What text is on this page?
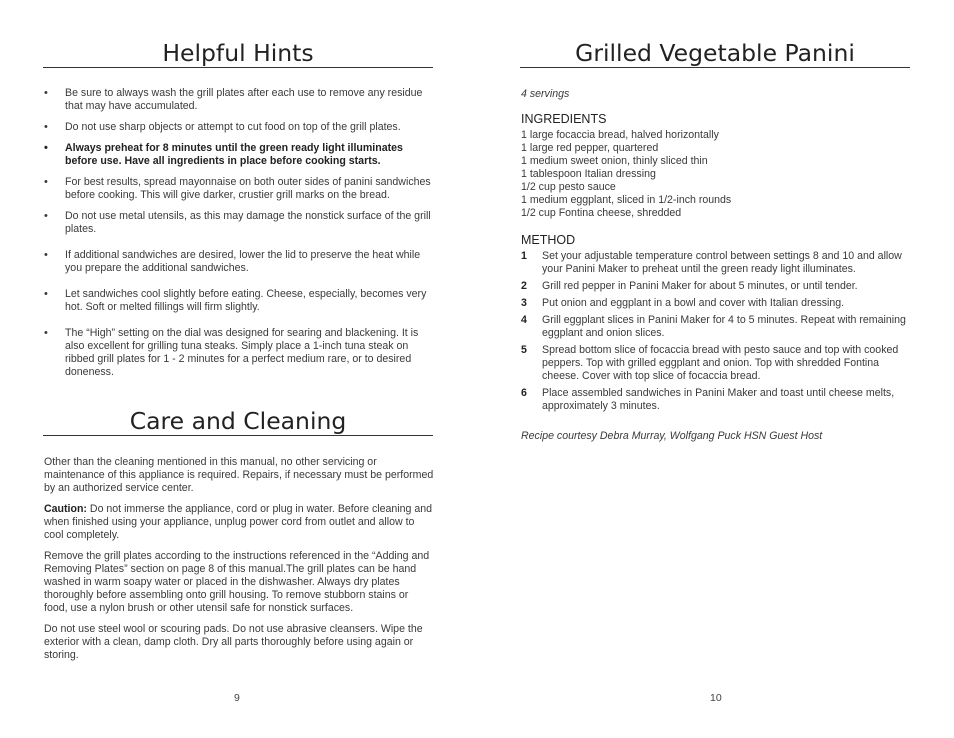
Helpful Hints
• Be sure to always wash the grill plates after each use to remove any residue that may have accumulated.
• Do not use sharp objects or attempt to cut food on top of the grill plates.
• Always preheat for 8 minutes until the green ready light illuminates before use. Have all ingredients in place before cooking starts.
• For best results, spread mayonnaise on both outer sides of panini sandwiches before cooking. This will give darker, crustier grill marks on the bread.
• Do not use metal utensils, as this may damage the nonstick surface of the grill plates.
• If additional sandwiches are desired, lower the lid to preserve the heat while you prepare the additional sandwiches.
• Let sandwiches cool slightly before eating. Cheese, especially, becomes very hot. Soft or melted fillings will firm slightly.
• The “High” setting on the dial was designed for searing and blackening. It is also excellent for grilling tuna steaks. Simply place a 1-inch tuna steak on ribbed grill plates for 1 - 2 minutes for a perfect medium rare, or to desired doneness.
Care and Cleaning

Other than the cleaning mentioned in this manual, no other servicing or maintenance of this appliance is required. Repairs, if necessary must be performed by an authorized service center.

Caution: Do not immerse the appliance, cord or plug in water. Before cleaning and when finished using your appliance, unplug power cord from outlet and allow to cool completely.

Remove the grill plates according to the instructions referenced in the “Adding and Removing Plates” section on page 8 of this manual.The grill plates can be hand washed in warm soapy water or placed in the dishwasher. Always dry plates thoroughly before assembling onto grill housing. To remove stubborn stains or food, use a nylon brush or other utensil safe for nonstick surfaces.

Do not use steel wool or scouring pads. Do not use abrasive cleansers. Wipe the exterior with a clean, damp cloth. Dry all parts thoroughly before using again or storing.

9
Grilled Vegetable Panini

4 servings

INGREDIENTS

1 large focaccia bread, halved horizontally
1 large red pepper, quartered
1 medium sweet onion, thinly sliced thin
1 tablespoon Italian dressing
1/2 cup pesto sauce
1 medium eggplant, sliced in 1/2-inch rounds
1/2 cup Fontina cheese, shredded

METHOD

1 Set your adjustable temperature control between settings 8 and 10 and allow your Panini Maker to preheat until the green ready light illuminates.
2 Grill red pepper in Panini Maker for about 5 minutes, or until tender.
3 Put onion and eggplant in a bowl and cover with Italian dressing.
4 Grill eggplant slices in Panini Maker for 4 to 5 minutes. Repeat with remaining eggplant and onion slices.
5 Spread bottom slice of focaccia bread with pesto sauce and top with cooked peppers. Top with grilled eggplant and onion. Top with shredded Fontina cheese. Cover with top slice of focaccia bread.
6 Place assembled sandwiches in Panini Maker and toast until cheese melts, approximately 3 minutes.

Recipe courtesy Debra Murray, Wolfgang Puck HSN Guest Host

10
